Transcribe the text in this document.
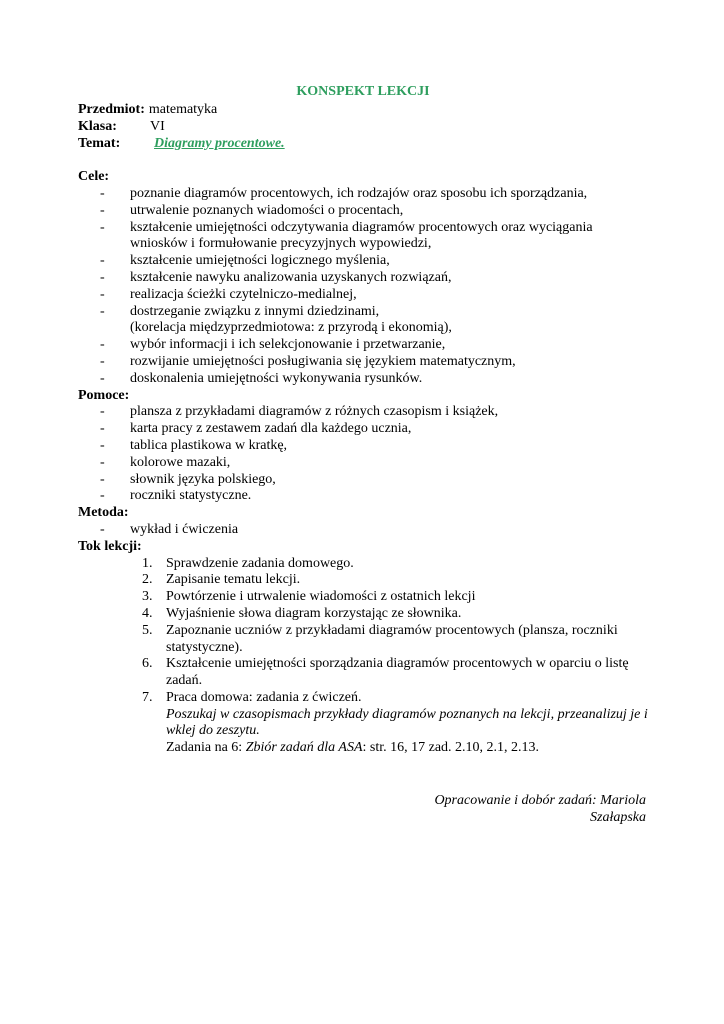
KONSPEKT LEKCJI
Przedmiot: matematyka
Klasa:	VI
Temat:	Diagramy procentowe.
Cele:
- poznanie diagramów procentowych, ich rodzajów oraz sposobu ich sporządzania,
- utrwalenie poznanych wiadomości o procentach,
- kształcenie umiejętności odczytywania diagramów procentowych oraz wyciągania wniosków i formułowanie precyzyjnych wypowiedzi,
- kształcenie umiejętności logicznego myślenia,
- kształcenie nawyku analizowania uzyskanych rozwiązań,
- realizacja ścieżki czytelniczo-medialnej,
- dostrzeganie związku z innymi dziedzinami,
(korelacja międzyprzedmiotowa: z przyrodą i ekonomią),
- wybór informacji i ich selekcjonowanie i przetwarzanie,
- rozwijanie umiejętności posługiwania się językiem matematycznym,
- doskonalenia umiejętności wykonywania rysunków.
Pomoce:
- plansza z przykładami diagramów z różnych czasopism i książek,
- karta pracy z zestawem zadań dla każdego ucznia,
- tablica plastikowa w kratkę,
- kolorowe mazaki,
- słownik języka polskiego,
- roczniki statystyczne.
Metoda:
- wykład i ćwiczenia
Tok lekcji:
1. Sprawdzenie zadania domowego.
2. Zapisanie tematu lekcji.
3. Powtórzenie i utrwalenie wiadomości z ostatnich lekcji
4. Wyjaśnienie słowa diagram korzystając ze słownika.
5. Zapoznanie uczniów z przykładami diagramów procentowych (plansza, roczniki statystyczne).
6. Kształcenie umiejętności sporządzania diagramów procentowych w oparciu o listę zadań.
7. Praca domowa: zadania z ćwiczeń.
Poszukaj w czasopismach przykłady diagramów poznanych na lekcji, przeanalizuj je i wklej do zeszytu.
Zadania na 6: Zbiór zadań dla ASA: str. 16, 17 zad. 2.10, 2.1, 2.13.
Opracowanie i dobór zadań: Mariola
Szałapska
